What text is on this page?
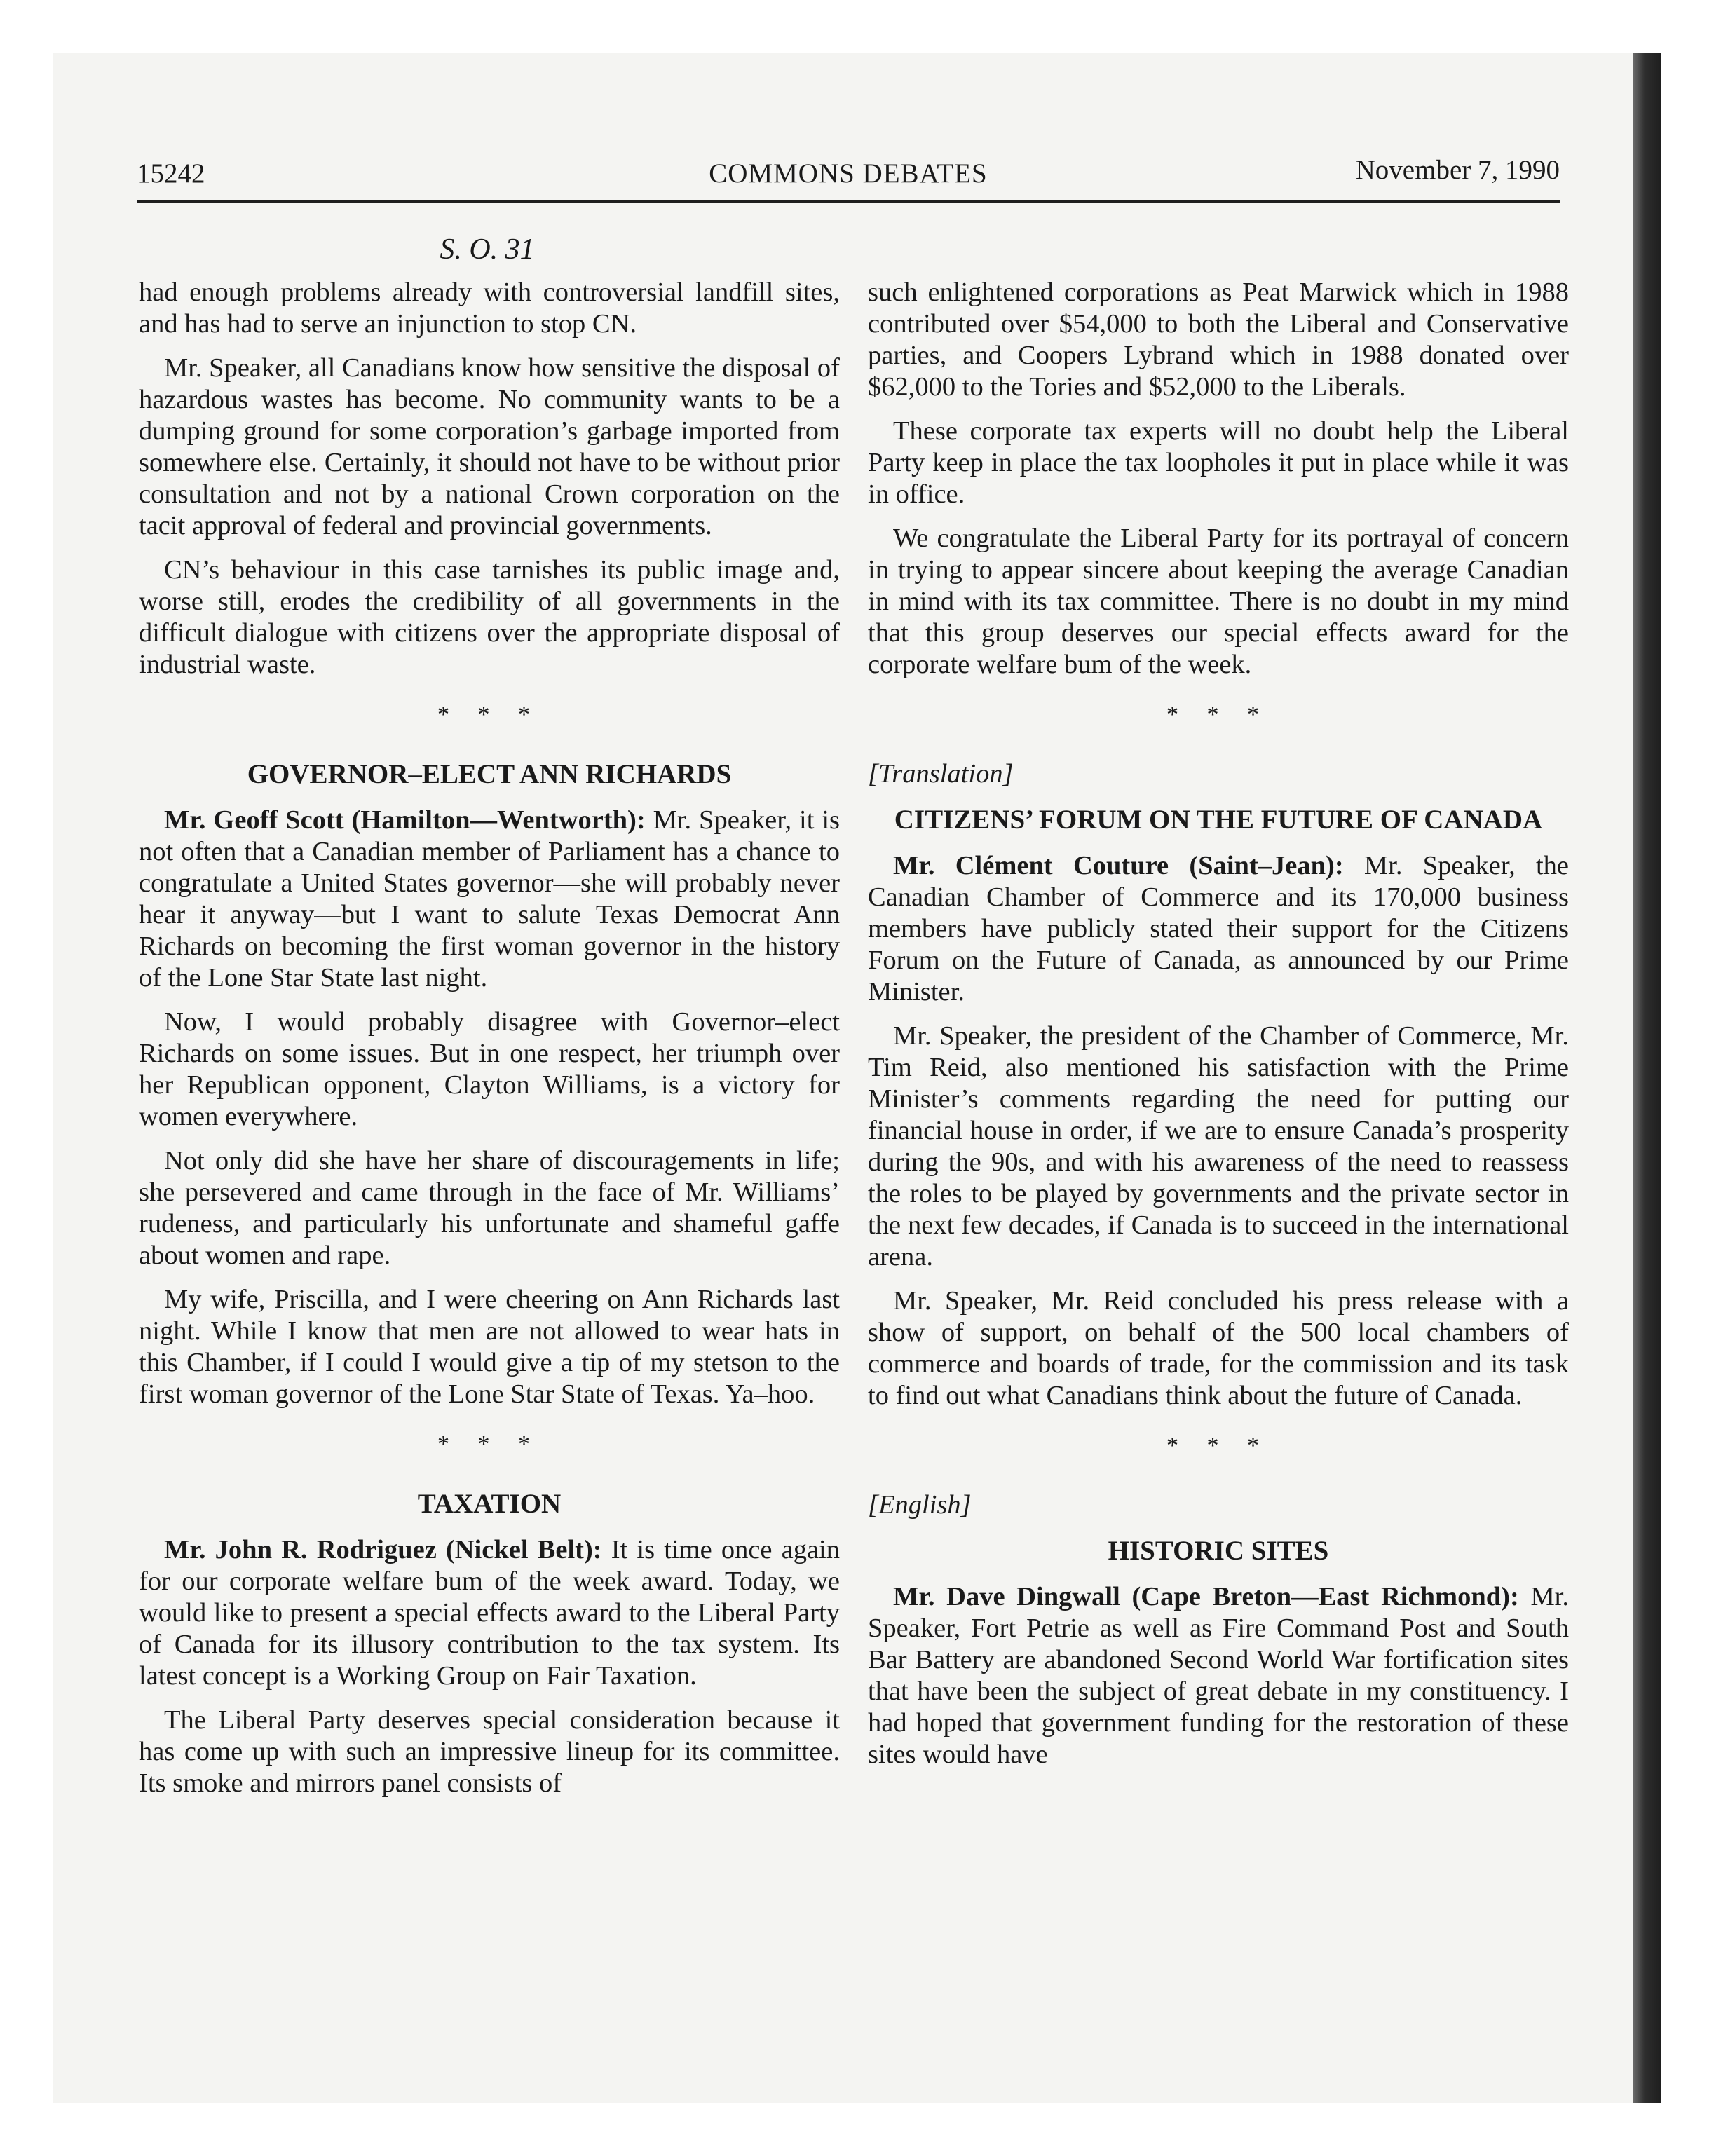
15242	COMMONS DEBATES	November 7, 1990
S. O. 31

had enough problems already with controversial landfill sites, and has had to serve an injunction to stop CN.

Mr. Speaker, all Canadians know how sensitive the disposal of hazardous wastes has become. No community wants to be a dumping ground for some corporation’s garbage imported from somewhere else. Certainly, it should not have to be without prior consultation and not by a national Crown corporation on the tacit approval of federal and provincial governments.

CN’s behaviour in this case tarnishes its public image and, worse still, erodes the credibility of all governments in the difficult dialogue with citizens over the appropriate disposal of industrial waste.

* * *
GOVERNOR–ELECT ANN RICHARDS

Mr. Geoff Scott (Hamilton—Wentworth): Mr. Speaker, it is not often that a Canadian member of Parliament has a chance to congratulate a United States governor—she will probably never hear it anyway—but I want to salute Texas Democrat Ann Richards on becoming the first woman governor in the history of the Lone Star State last night.

Now, I would probably disagree with Governor–elect Richards on some issues. But in one respect, her triumph over her Republican opponent, Clayton Williams, is a victory for women everywhere.

Not only did she have her share of discouragements in life; she persevered and came through in the face of Mr. Williams’ rudeness, and particularly his unfortunate and shameful gaffe about women and rape.

My wife, Priscilla, and I were cheering on Ann Richards last night. While I know that men are not allowed to wear hats in this Chamber, if I could I would give a tip of my stetson to the first woman governor of the Lone Star State of Texas. Ya–hoo.

* * *
TAXATION

Mr. John R. Rodriguez (Nickel Belt): It is time once again for our corporate welfare bum of the week award. Today, we would like to present a special effects award to the Liberal Party of Canada for its illusory contribution to the tax system. Its latest concept is a Working Group on Fair Taxation.

The Liberal Party deserves special consideration because it has come up with such an impressive lineup for its committee. Its smoke and mirrors panel consists of

such enlightened corporations as Peat Marwick which in 1988 contributed over $54,000 to both the Liberal and Conservative parties, and Coopers Lybrand which in 1988 donated over $62,000 to the Tories and $52,000 to the Liberals.

These corporate tax experts will no doubt help the Liberal Party keep in place the tax loopholes it put in place while it was in office.

We congratulate the Liberal Party for its portrayal of concern in trying to appear sincere about keeping the average Canadian in mind with its tax committee. There is no doubt in my mind that this group deserves our special effects award for the corporate welfare bum of the week.

* * *
[Translation]
CITIZENS’ FORUM ON THE FUTURE OF CANADA

Mr. Clément Couture (Saint–Jean): Mr. Speaker, the Canadian Chamber of Commerce and its 170,000 business members have publicly stated their support for the Citizens Forum on the Future of Canada, as announced by our Prime Minister.

Mr. Speaker, the president of the Chamber of Commerce, Mr. Tim Reid, also mentioned his satisfaction with the Prime Minister’s comments regarding the need for putting our financial house in order, if we are to ensure Canada’s prosperity during the 90s, and with his awareness of the need to reassess the roles to be played by governments and the private sector in the next few decades, if Canada is to succeed in the international arena.

Mr. Speaker, Mr. Reid concluded his press release with a show of support, on behalf of the 500 local chambers of commerce and boards of trade, for the commission and its task to find out what Canadians think about the future of Canada.

* * *
[English]
HISTORIC SITES

Mr. Dave Dingwall (Cape Breton—East Richmond): Mr. Speaker, Fort Petrie as well as Fire Command Post and South Bar Battery are abandoned Second World War fortification sites that have been the subject of great debate in my constituency. I had hoped that government funding for the restoration of these sites would have
